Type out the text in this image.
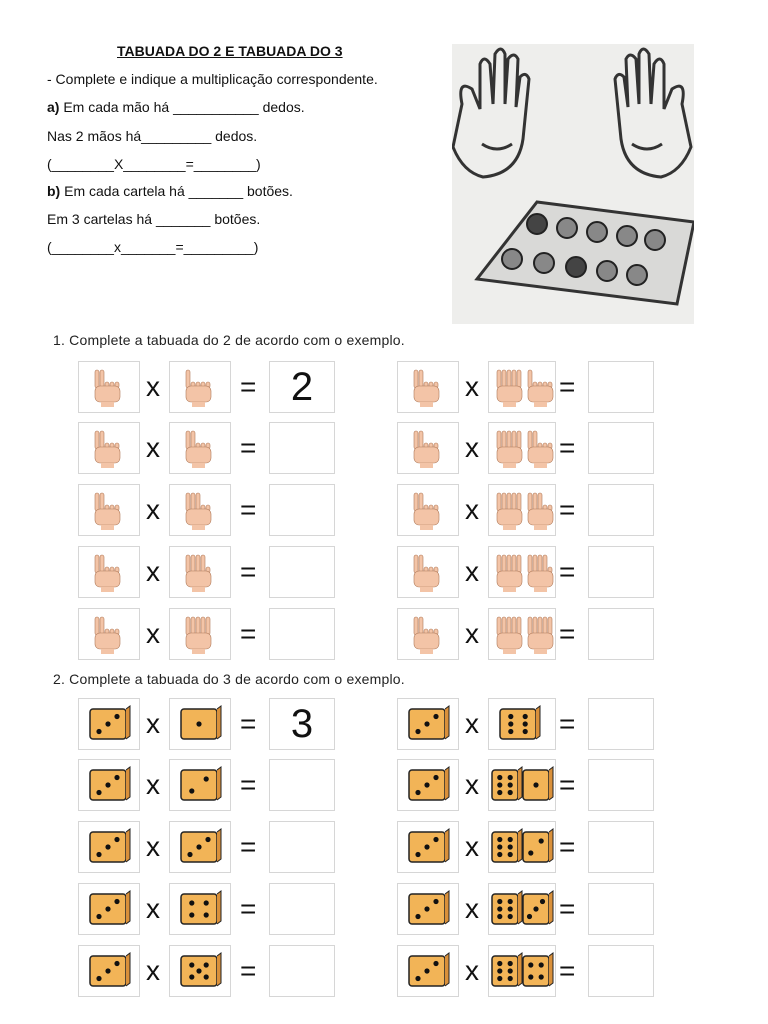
TABUADA DO 2 E TABUADA DO 3
- Complete e indique a multiplicação correspondente.
a) Em cada mão há ___________ dedos.
Nas 2 mãos há_________ dedos.
(________X________=________)
b) Em cada cartela há _______ botões.
Em 3 cartelas há _______ botões.
(________x_______=_________)
1. Complete a tabuada do 2 de acordo com o exemplo.
2. Complete a tabuada do 3 de acordo com o exemplo.
x	= 2
x	=
x	=
x	=
x	=
x	=
x	=
x	=
x	=
x	=
x	= 3
x	=
x	=
x	=
x	=
x	=
x	=
x	=
x	=
x	=
